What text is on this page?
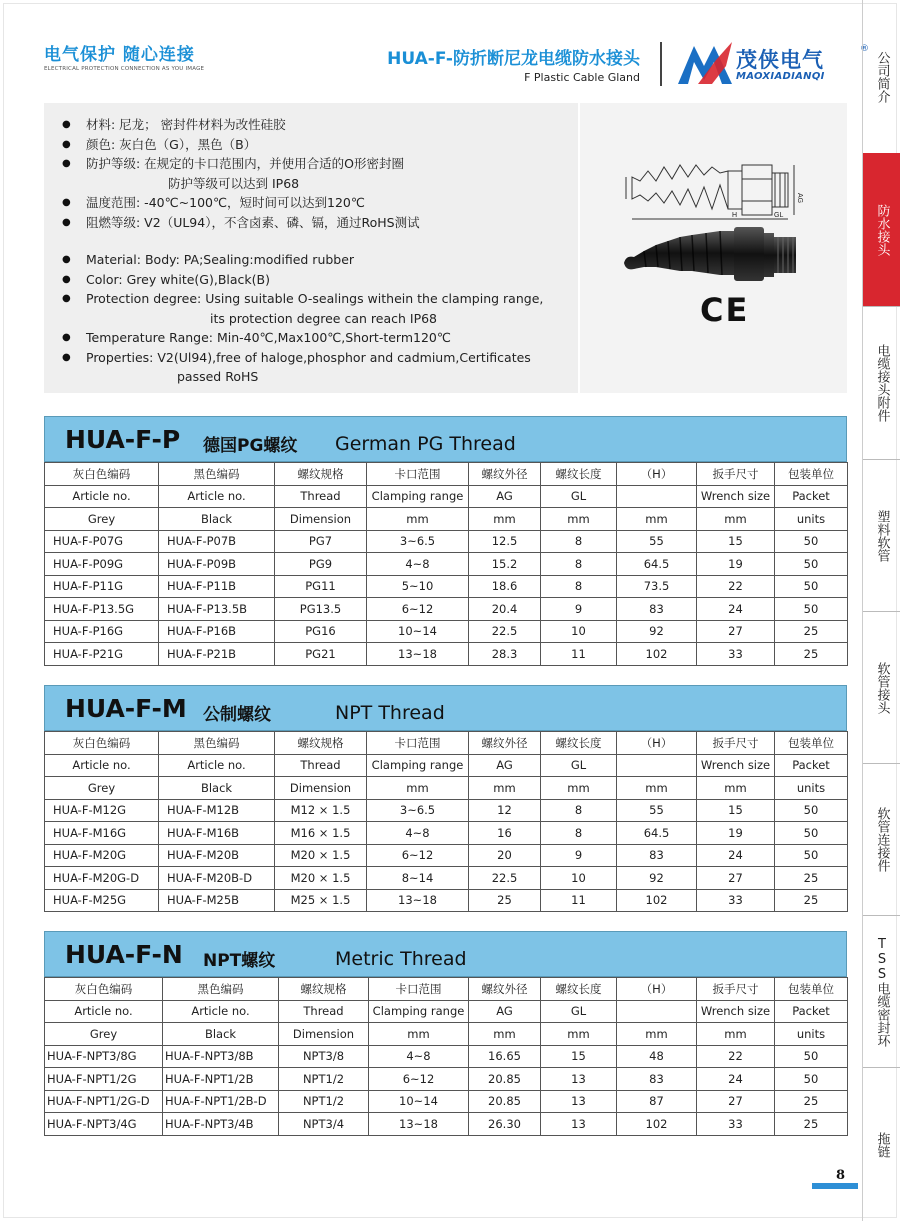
电气保护 随心连接
ELECTRICAL PROTECTION CONNECTION AS YOU IMAGE	HUA-F-防折断尼龙电缆防水接头
F Plastic Cable Gland
茂侠电气
MAOXIADIANQI
®
公司简介
防水接头
电缆接头附件
塑料软管
软管接头
软管连接件
TSS电缆密封环
拖链
●	材料: 尼龙； 密封件材料为改性硅胶
●	颜色: 灰白色（G），黑色（B）
●	防护等级: 在规定的卡口范围内，并使用合适的O形密封圈
防护等级可以达到 IP68
●	温度范围: -40℃~100℃，短时间可以达到120℃
●	阻燃等级: V2（UL94），不含卤素、磷、镉，通过RoHS测试
●	Material: Body: PA;Sealing:modified rubber
●	Color: Grey white(G),Black(B)
●	Protection degree: Using suitable O-sealings withein the clamping range,
its protection degree can reach IP68
●	Temperature Range: Min-40℃,Max100℃,Short-term120℃
●	Properties: V2(Ul94),free of haloge,phosphor and cadmium,Certificates
passed RoHS
H	GL
AG
CE
HUA-F-P 德国PG螺纹 German PG Thread
灰白色编码	黑色编码	螺纹规格	卡口范围	螺纹外径	螺纹长度	（H）	扳手尺寸	包装单位
Article no.	Article no.	Thread	Clamping range	AG	GL		Wrench size	Packet
Grey	Black	Dimension	mm	mm	mm	mm	mm	units
HUA-F-P07G	HUA-F-P07B	PG7	3~6.5	12.5	8	55	15	50
HUA-F-P09G	HUA-F-P09B	PG9	4~8	15.2	8	64.5	19	50
HUA-F-P11G	HUA-F-P11B	PG11	5~10	18.6	8	73.5	22	50
HUA-F-P13.5G	HUA-F-P13.5B	PG13.5	6~12	20.4	9	83	24	50
HUA-F-P16G	HUA-F-P16B	PG16	10~14	22.5	10	92	27	25
HUA-F-P21G	HUA-F-P21B	PG21	13~18	28.3	11	102	33	25
HUA-F-M 公制螺纹	NPT Thread
灰白色编码	黑色编码	螺纹规格	卡口范围	螺纹外径	螺纹长度	（H）	扳手尺寸	包装单位
Article no.	Article no.	Thread	Clamping range	AG	GL		Wrench size	Packet
Grey	Black	Dimension	mm	mm	mm	mm	mm	units
HUA-F-M12G	HUA-F-M12B	M12 × 1.5	3~6.5	12	8	55	15	50
HUA-F-M16G	HUA-F-M16B	M16 × 1.5	4~8	16	8	64.5	19	50
HUA-F-M20G	HUA-F-M20B	M20 × 1.5	6~12	20	9	83	24	50
HUA-F-M20G-D	HUA-F-M20B-D	M20 × 1.5	8~14	22.5	10	92	27	25
HUA-F-M25G	HUA-F-M25B	M25 × 1.5	13~18	25	11	102	33	25
HUA-F-N NPT螺纹	Metric Thread
灰白色编码	黑色编码	螺纹规格	卡口范围	螺纹外径	螺纹长度	（H）	扳手尺寸	包装单位
Article no.	Article no.	Thread	Clamping range	AG	GL		Wrench size	Packet
Grey	Black	Dimension	mm	mm	mm	mm	mm	units
HUA-F-NPT3/8G	HUA-F-NPT3/8B	NPT3/8	4~8	16.65	15	48	22	50
HUA-F-NPT1/2G	HUA-F-NPT1/2B	NPT1/2	6~12	20.85	13	83	24	50
HUA-F-NPT1/2G-D	HUA-F-NPT1/2B-D	NPT1/2	10~14	20.85	13	87	27	25
HUA-F-NPT3/4G	HUA-F-NPT3/4B	NPT3/4	13~18	26.30	13	102	33	25
8
